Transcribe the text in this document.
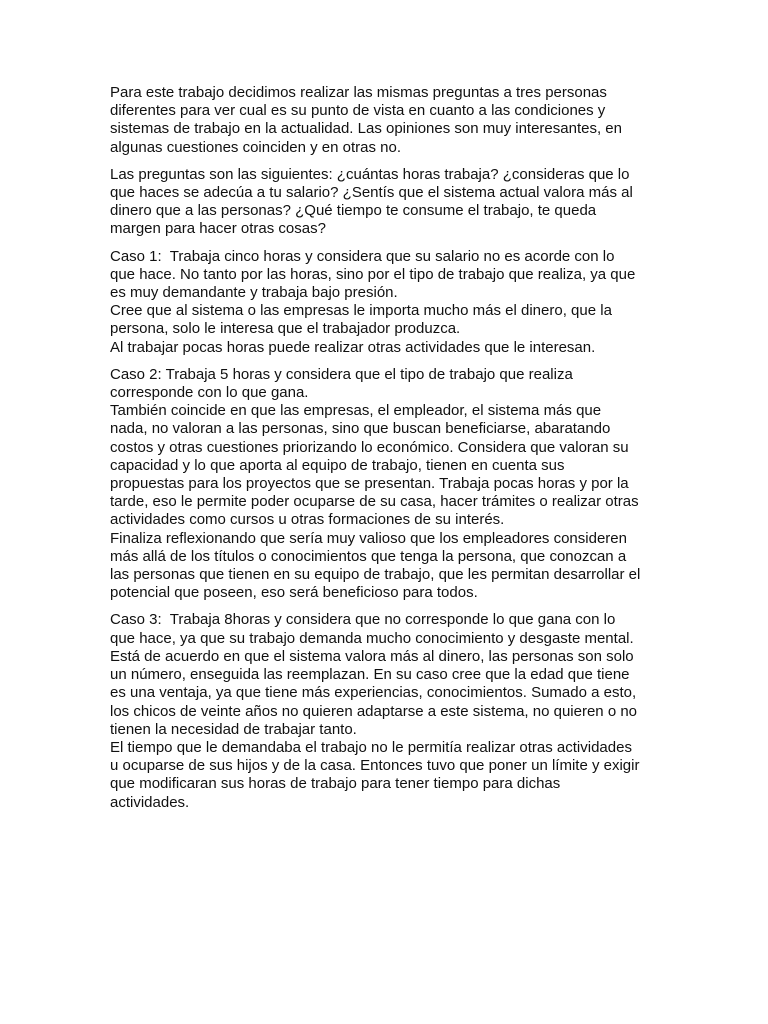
Para este trabajo decidimos realizar las mismas preguntas a tres personas
diferentes para ver cual es su punto de vista en cuanto a las condiciones y
sistemas de trabajo en la actualidad. Las opiniones son muy interesantes, en
algunas cuestiones coinciden y en otras no.
Las preguntas son las siguientes: ¿cuántas horas trabaja? ¿consideras que lo
que haces se adecúa a tu salario? ¿Sentís que el sistema actual valora más al
dinero que a las personas? ¿Qué tiempo te consume el trabajo, te queda
margen para hacer otras cosas?
Caso 1:  Trabaja cinco horas y considera que su salario no es acorde con lo
que hace. No tanto por las horas, sino por el tipo de trabajo que realiza, ya que
es muy demandante y trabaja bajo presión.
Cree que al sistema o las empresas le importa mucho más el dinero, que la
persona, solo le interesa que el trabajador produzca.
Al trabajar pocas horas puede realizar otras actividades que le interesan.
Caso 2: Trabaja 5 horas y considera que el tipo de trabajo que realiza
corresponde con lo que gana.
También coincide en que las empresas, el empleador, el sistema más que
nada, no valoran a las personas, sino que buscan beneficiarse, abaratando
costos y otras cuestiones priorizando lo económico. Considera que valoran su
capacidad y lo que aporta al equipo de trabajo, tienen en cuenta sus
propuestas para los proyectos que se presentan. Trabaja pocas horas y por la
tarde, eso le permite poder ocuparse de su casa, hacer trámites o realizar otras
actividades como cursos u otras formaciones de su interés.
Finaliza reflexionando que sería muy valioso que los empleadores consideren
más allá de los títulos o conocimientos que tenga la persona, que conozcan a
las personas que tienen en su equipo de trabajo, que les permitan desarrollar el
potencial que poseen, eso será beneficioso para todos.
Caso 3:  Trabaja 8horas y considera que no corresponde lo que gana con lo
que hace, ya que su trabajo demanda mucho conocimiento y desgaste mental.
Está de acuerdo en que el sistema valora más al dinero, las personas son solo
un número, enseguida las reemplazan. En su caso cree que la edad que tiene
es una ventaja, ya que tiene más experiencias, conocimientos. Sumado a esto,
los chicos de veinte años no quieren adaptarse a este sistema, no quieren o no
tienen la necesidad de trabajar tanto.
El tiempo que le demandaba el trabajo no le permitía realizar otras actividades
u ocuparse de sus hijos y de la casa. Entonces tuvo que poner un límite y exigir
que modificaran sus horas de trabajo para tener tiempo para dichas
actividades.
